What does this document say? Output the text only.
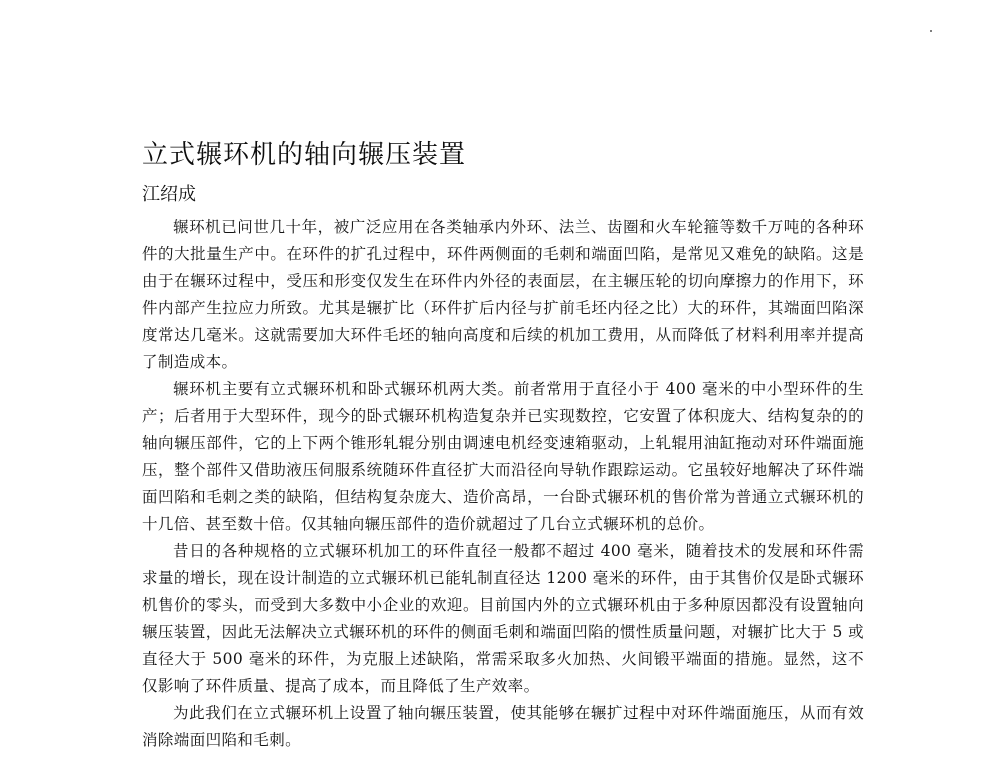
立式辗环机的轴向辗压装置
江绍成

辗环机已问世几十年，被广泛应用在各类轴承内外环、法兰、齿圈和火车轮箍等数千万吨的各种环件的大批量生产中。在环件的扩孔过程中，环件两侧面的毛刺和端面凹陷，是常见又难免的缺陷。这是由于在辗环过程中，受压和形变仅发生在环件内外径的表面层，在主辗压轮的切向摩擦力的作用下，环件内部产生拉应力所致。尤其是辗扩比（环件扩后内径与扩前毛坯内径之比）大的环件，其端面凹陷深度常达几毫米。这就需要加大环件毛坯的轴向高度和后续的机加工费用，从而降低了材料利用率并提高了制造成本。

辗环机主要有立式辗环机和卧式辗环机两大类。前者常用于直径小于 400 毫米的中小型环件的生产；后者用于大型环件，现今的卧式辗环机构造复杂并已实现数控，它安置了体积庞大、结构复杂的的轴向辗压部件，它的上下两个锥形轧辊分别由调速电机经变速箱驱动，上轧辊用油缸拖动对环件端面施压，整个部件又借助液压伺服系统随环件直径扩大而沿径向导轨作跟踪运动。它虽较好地解决了环件端面凹陷和毛刺之类的缺陷，但结构复杂庞大、造价高昂，一台卧式辗环机的售价常为普通立式辗环机的十几倍、甚至数十倍。仅其轴向辗压部件的造价就超过了几台立式辗环机的总价。

昔日的各种规格的立式辗环机加工的环件直径一般都不超过 400 毫米，随着技术的发展和环件需求量的增长，现在设计制造的立式辗环机已能轧制直径达 1200 毫米的环件，由于其售价仅是卧式辗环机售价的零头，而受到大多数中小企业的欢迎。目前国内外的立式辗环机由于多种原因都没有设置轴向辗压装置，因此无法解决立式辗环机的环件的侧面毛刺和端面凹陷的惯性质量问题，对辗扩比大于 5 或直径大于 500 毫米的环件，为克服上述缺陷，常需采取多火加热、火间锻平端面的措施。显然，这不仅影响了环件质量、提高了成本，而且降低了生产效率。

为此我们在立式辗环机上设置了轴向辗压装置，使其能够在辗扩过程中对环件端面施压，从而有效消除端面凹陷和毛刺。
